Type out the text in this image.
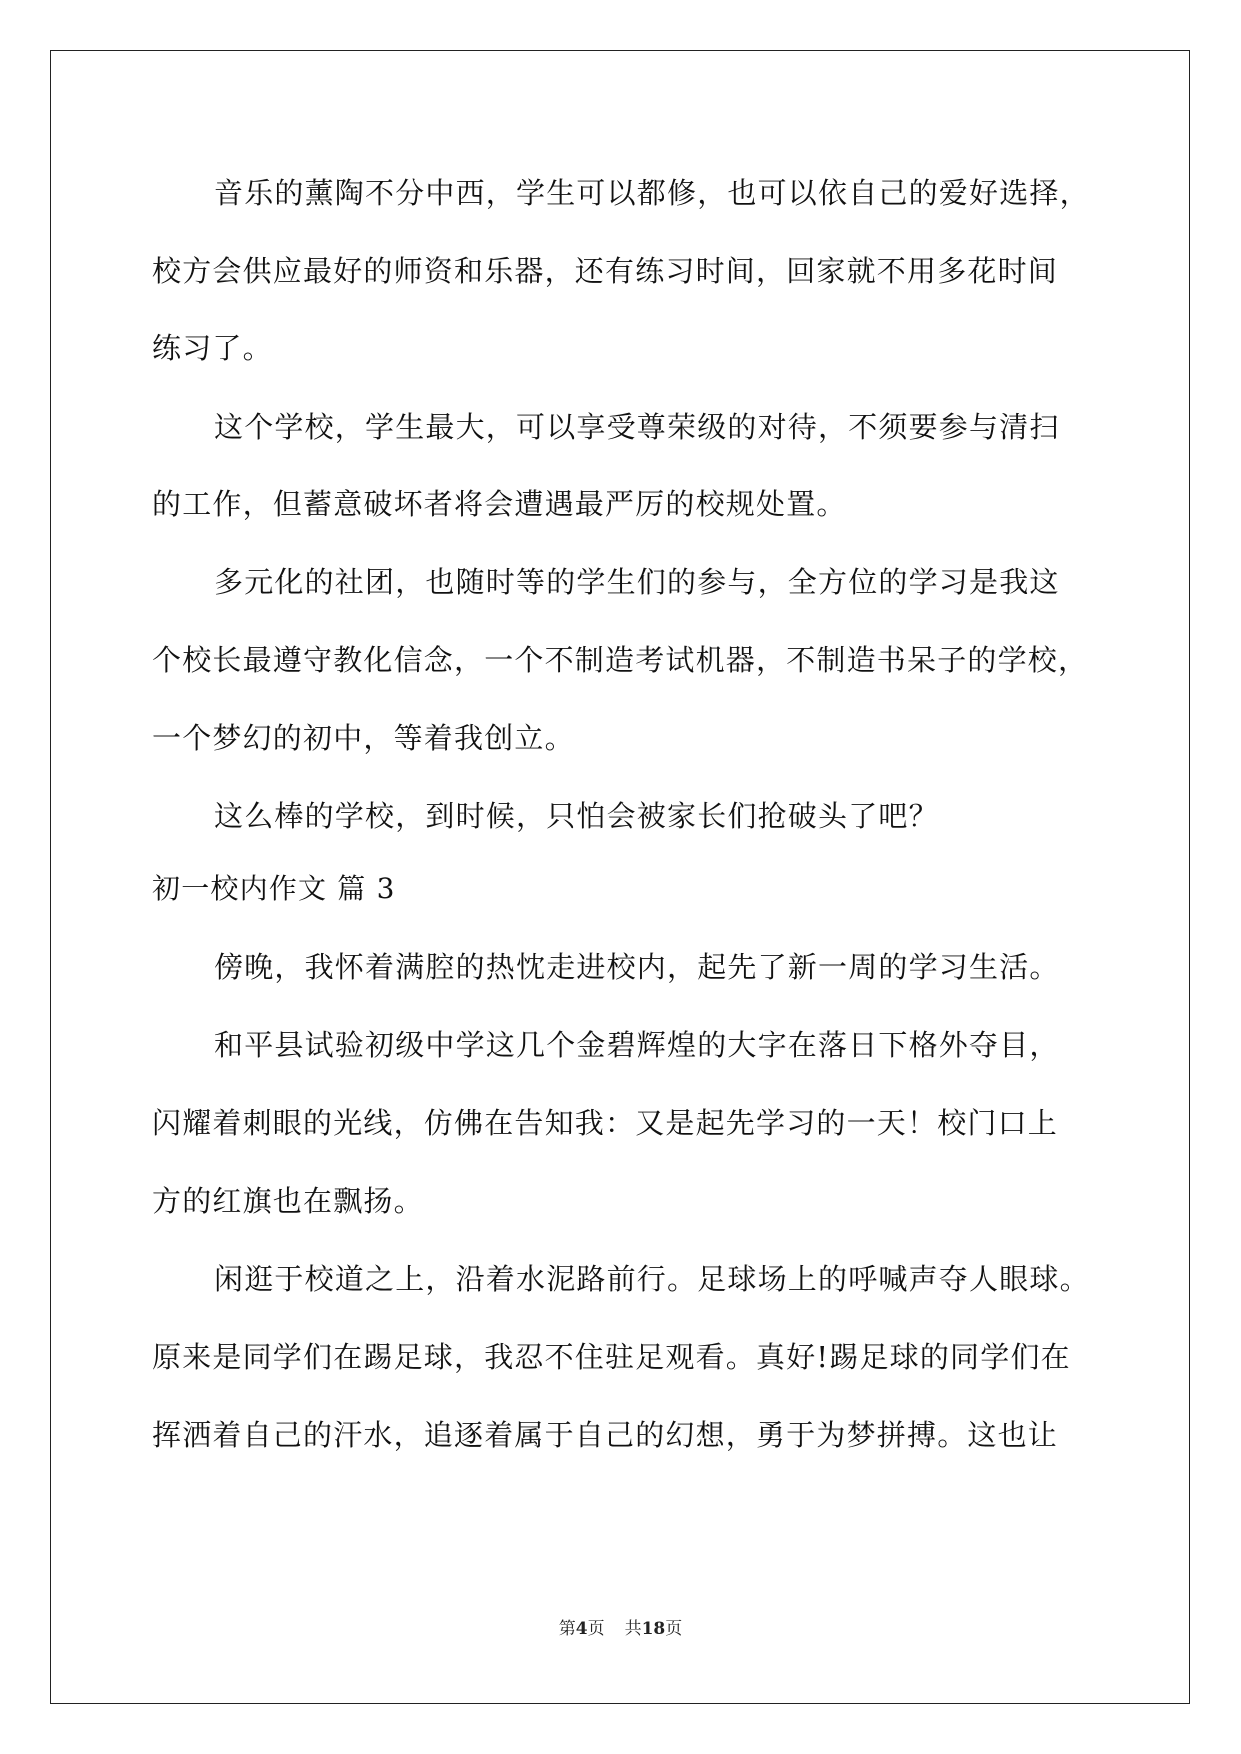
音乐的薰陶不分中西，学生可以都修，也可以依自己的爱好选择，
校方会供应最好的师资和乐器，还有练习时间，回家就不用多花时间
练习了。
这个学校，学生最大，可以享受尊荣级的对待，不须要参与清扫
的工作，但蓄意破坏者将会遭遇最严厉的校规处置。
多元化的社团，也随时等的学生们的参与，全方位的学习是我这
个校长最遵守教化信念，一个不制造考试机器，不制造书呆子的学校，
一个梦幻的初中，等着我创立。
这么棒的学校，到时候，只怕会被家长们抢破头了吧？
初一校内作文 篇 3
傍晚，我怀着满腔的热忱走进校内，起先了新一周的学习生活。
和平县试验初级中学这几个金碧辉煌的大字在落日下格外夺目，
闪耀着刺眼的光线，仿佛在告知我：又是起先学习的一天！校门口上
方的红旗也在飘扬。
闲逛于校道之上，沿着水泥路前行。足球场上的呼喊声夺人眼球。
原来是同学们在踢足球，我忍不住驻足观看。真好!踢足球的同学们在
挥洒着自己的汗水，追逐着属于自己的幻想，勇于为梦拼搏。这也让
第4页 共18页
